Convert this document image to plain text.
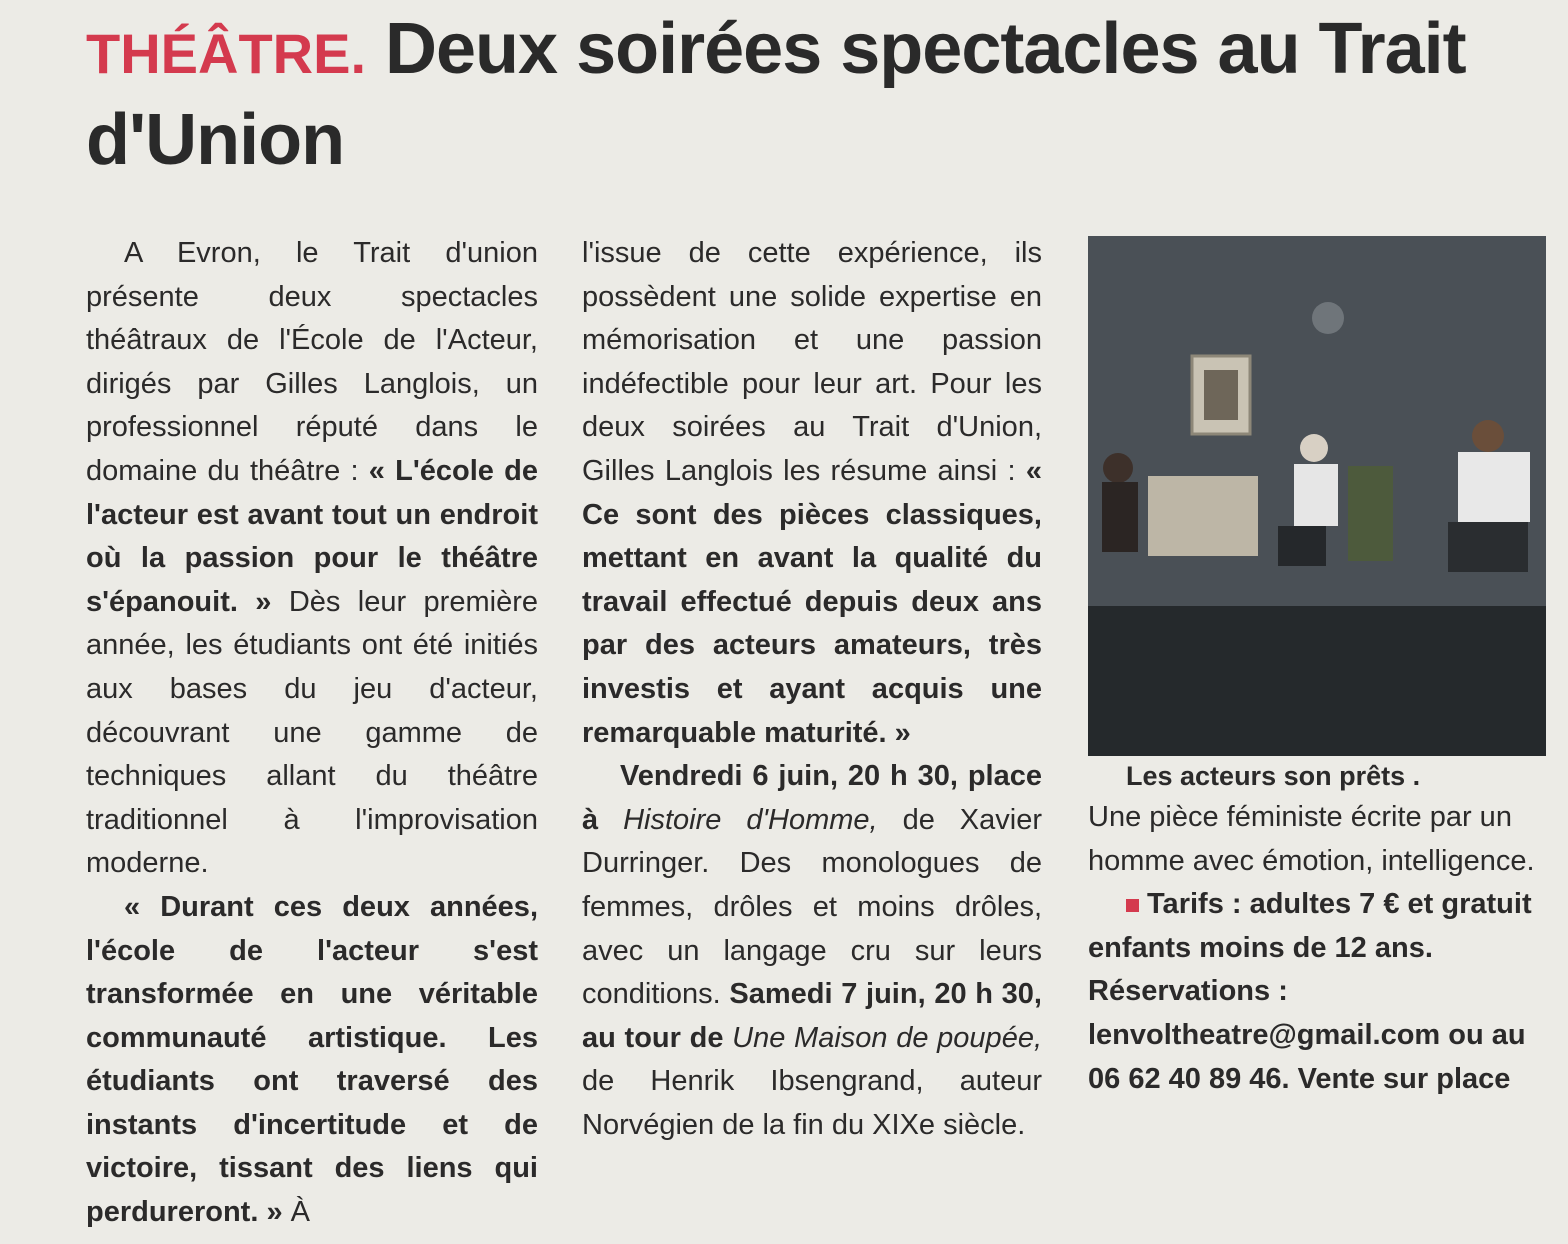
THÉÂTRE. Deux soirées spectacles au Trait d'Union

A Evron, le Trait d'union présente deux spectacles théâtraux de l'École de l'Acteur, dirigés par Gilles Langlois, un professionnel réputé dans le domaine du théâtre : « L'école de l'acteur est avant tout un endroit où la passion pour le théâtre s'épanouit. » Dès leur première année, les étudiants ont été initiés aux bases du jeu d'acteur, découvrant une gamme de techniques allant du théâtre traditionnel à l'improvisation moderne.

« Durant ces deux années, l'école de l'acteur s'est transformée en une véritable communauté artistique. Les étudiants ont traversé des instants d'incertitude et de victoire, tissant des liens qui perdureront. » À

l'issue de cette expérience, ils possèdent une solide expertise en mémorisation et une passion indéfectible pour leur art. Pour les deux soirées au Trait d'Union, Gilles Langlois les résume ainsi : « Ce sont des pièces classiques, mettant en avant la qualité du travail effectué depuis deux ans par des acteurs amateurs, très investis et ayant acquis une remarquable maturité. »

Vendredi 6 juin, 20 h 30, place à Histoire d'Homme, de Xavier Durringer. Des monologues de femmes, drôles et moins drôles, avec un langage cru sur leurs conditions. Samedi 7 juin, 20 h 30, au tour de Une Maison de poupée, de Henrik Ibsengrand, auteur Norvégien de la fin du XIXe siècle.

Les acteurs son prêts .

Une pièce féministe écrite par un homme avec émotion, intelligence.

Tarifs : adultes 7 € et gratuit enfants moins de 12 ans. Réservations : lenvoltheatre@gmail.com ou au 06 62 40 89 46. Vente sur place
